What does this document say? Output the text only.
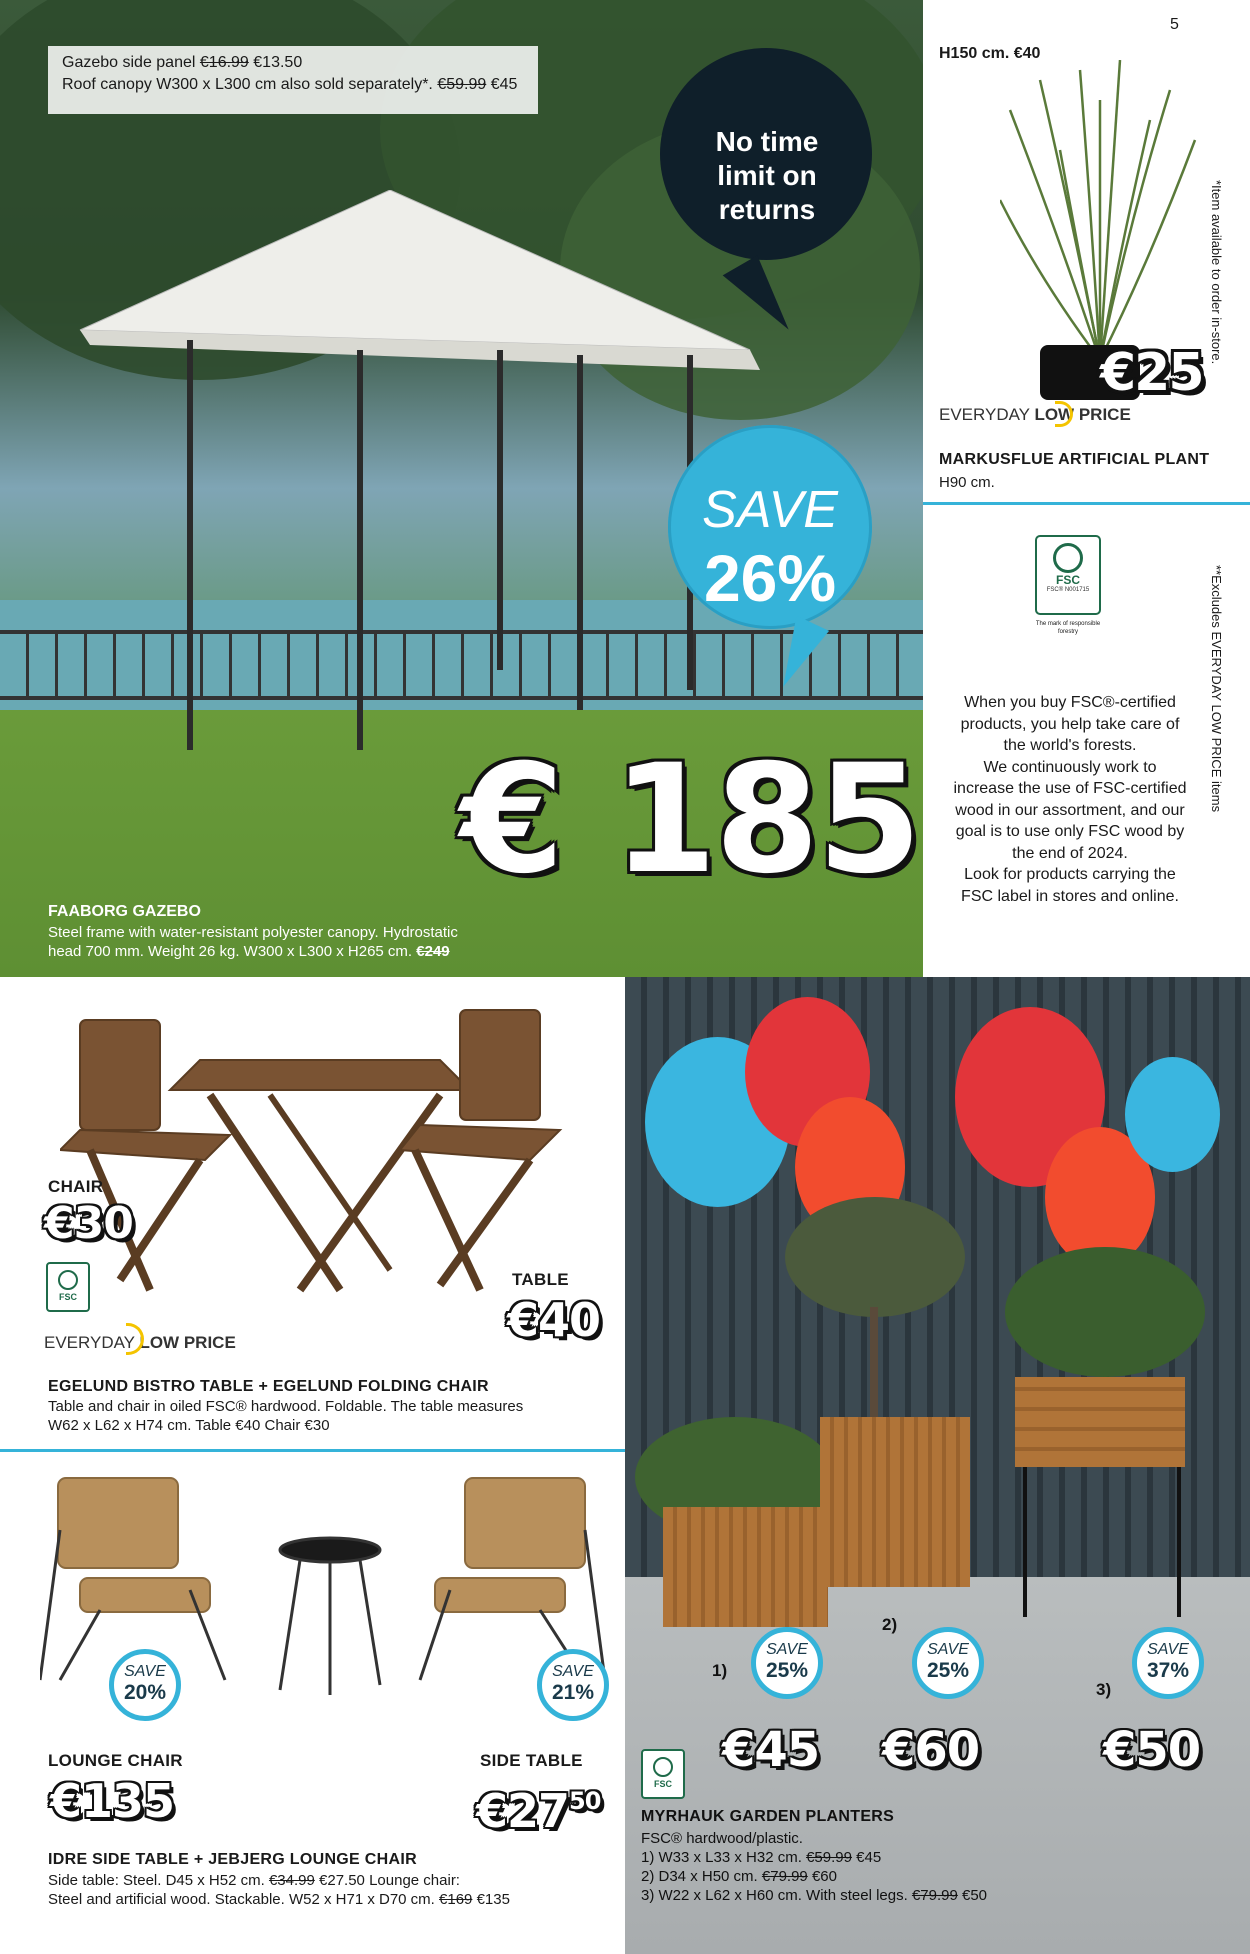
Gazebo side panel €16.99 €13.50
Roof canopy W300 x L300 cm also sold separately*. €59.99 €45
No time limit on returns
SAVE
26%
€ 185
FAABORG GAZEBO
Steel frame with water-resistant polyester canopy. Hydrostatic
head 700 mm. Weight 26 kg. W300 x L300 x H265 cm. €249
5
H150 cm. €40
€25
EVERYDAY LOW PRICE
MARKUSFLUE ARTIFICIAL PLANT
H90 cm.
*Item available to order in-store.
**Excludes EVERYDAY LOW PRICE items
FSC
FSC® N001715
The mark of responsible forestry
When you buy FSC®-certified
products, you help take care of
the world's forests.
We continuously work to
increase the use of FSC-certified
wood in our assortment, and our
goal is to use only FSC wood by
the end of 2024.
Look for products carrying the
FSC label in stores and online.
CHAIR
€30
FSC
TABLE
€40
EVERYDAY LOW PRICE
EGELUND BISTRO TABLE + EGELUND FOLDING CHAIR
Table and chair in oiled FSC® hardwood. Foldable. The table measures
W62 x L62 x H74 cm. Table €40 Chair €30
SAVE
20%
SAVE
21%
LOUNGE CHAIR
€135
SIDE TABLE
$€27^{50}$
IDRE SIDE TABLE + JEBJERG LOUNGE CHAIR
Side table: Steel. D45 x H52 cm. €34.99 €27.50 Lounge chair:
Steel and artificial wood. Stackable. W52 x H71 x D70 cm. €169 €135
1)
2)
3)
SAVE
25%
SAVE
25%
SAVE
37%
€45 €60	€50
FSC
MYRHAUK GARDEN PLANTERS
FSC® hardwood/plastic.
1) W33 x L33 x H32 cm. €59.99 €45
2) D34 x H50 cm. €79.99 €60
3) W22 x L62 x H60 cm. With steel legs. €79.99 €50
